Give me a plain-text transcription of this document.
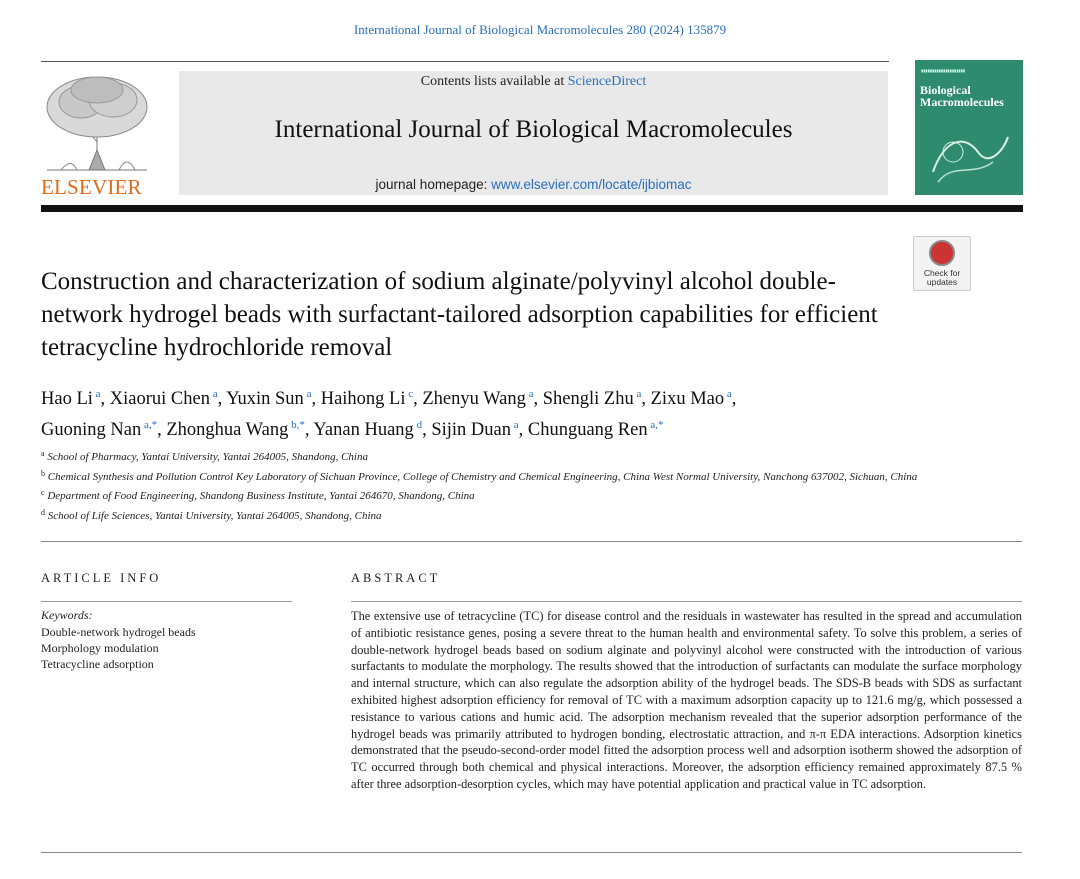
International Journal of Biological Macromolecules 280 (2024) 135879
ELSEVIER
Contents lists available at ScienceDirect
International Journal of Biological Macromolecules
journal homepage: www.elsevier.com/locate/ijbiomac
▮▮▮▮▮▮▮▮▮▮▮▮▮▮▮▮▮▮▮▮
Biological
Macromolecules
Check for
updates
Construction and characterization of sodium alginate/polyvinyl alcohol double-network hydrogel beads with surfactant-tailored adsorption capabilities for efficient tetracycline hydrochloride removal
Hao Li $^a$, Xiaorui Chen $^a$, Yuxin Sun $^a$, Haihong Li $^c$, Zhenyu Wang $^a$, Shengli Zhu $^a$, Zixu Mao $^a$,
Guoning Nan $^{a,*}$, Zhonghua Wang $^{b,*}$, Yanan Huang $^d$, Sijin Duan $^a$, Chunguang Ren $^{a,*}$
$^a$ School of Pharmacy, Yantai University, Yantai 264005, Shandong, China
$^b$ Chemical Synthesis and Pollution Control Key Laboratory of Sichuan Province, College of Chemistry and Chemical Engineering, China West Normal University, Nanchong 637002, Sichuan, China
$^c$ Department of Food Engineering, Shandong Business Institute, Yantai 264670, Shandong, China
$^d$ School of Life Sciences, Yantai University, Yantai 264005, Shandong, China
ARTICLE INFO
Keywords:
Double-network hydrogel beads
Morphology modulation
Tetracycline adsorption
ABSTRACT
The extensive use of tetracycline (TC) for disease control and the residuals in wastewater has resulted in the spread and accumulation of antibiotic resistance genes, posing a severe threat to the human health and environmental safety. To solve this problem, a series of double-network hydrogel beads based on sodium alginate and polyvinyl alcohol were constructed with the introduction of various surfactants to modulate the morphology. The results showed that the introduction of surfactants can modulate the surface morphology and internal structure, which can also regulate the adsorption ability of the hydrogel beads. The SDS-B beads with SDS as surfactant exhibited highest adsorption efficiency for removal of TC with a maximum adsorption capacity up to 121.6 mg/g, which possessed a resistance to various cations and humic acid. The adsorption mechanism revealed that the superior adsorption performance of the hydrogel beads was primarily attributed to hydrogen bonding, electrostatic attraction, and π-π EDA interactions. Adsorption kinetics demonstrated that the pseudo-second-order model fitted the adsorption process well and adsorption isotherm showed the adsorption of TC occurred through both chemical and physical interactions. Moreover, the adsorption efficiency remained approximately 87.5 % after three adsorption-desorption cycles, which may have potential application and practical value in TC adsorption.
